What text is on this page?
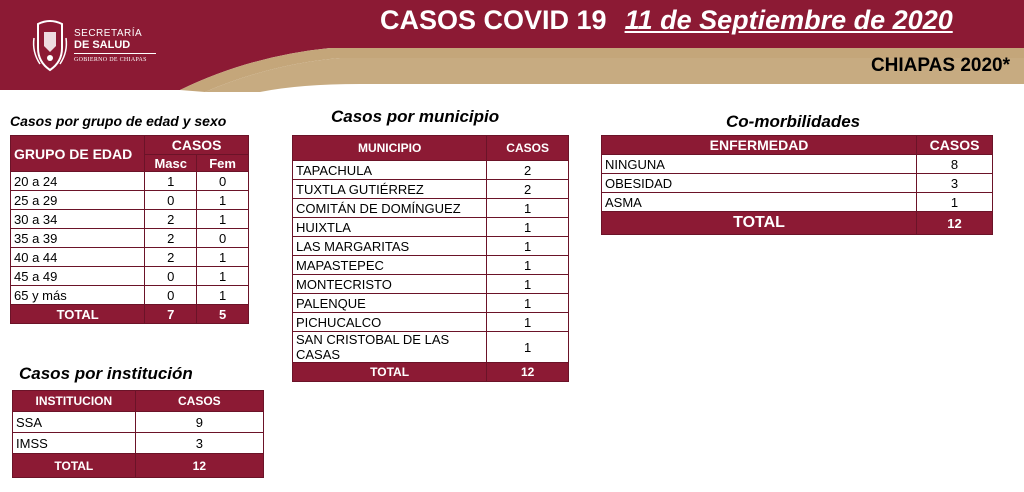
SECRETARÍA
DE SALUD
GOBIERNO DE CHIAPAS
CASOS COVID 19 11 de Septiembre de 2020
CHIAPAS 2020*
Casos por grupo de edad y sexo
GRUPO DE EDAD	CASOS	
	Masc	Fem
20 a 24	1	0
25 a 29	0	1
30 a 34	2	1
35 a 39	2	0
40 a 44	2	1
45 a 49	0	1
65 y más	0	1
TOTAL	7	5
Casos por municipio
MUNICIPIO	CASOS
TAPACHULA	2
TUXTLA GUTIÉRREZ	2
COMITÁN DE DOMÍNGUEZ	1
HUIXTLA	1
LAS MARGARITAS	1
MAPASTEPEC	1
MONTECRISTO	1
PALENQUE	1
PICHUCALCO	1
SAN CRISTOBAL DE LAS CASAS	1
TOTAL	12
Co-morbilidades
ENFERMEDAD	CASOS
NINGUNA	8
OBESIDAD	3
ASMA	1
TOTAL	12
Casos por institución
INSTITUCION	CASOS
SSA	9
IMSS	3
TOTAL	12
